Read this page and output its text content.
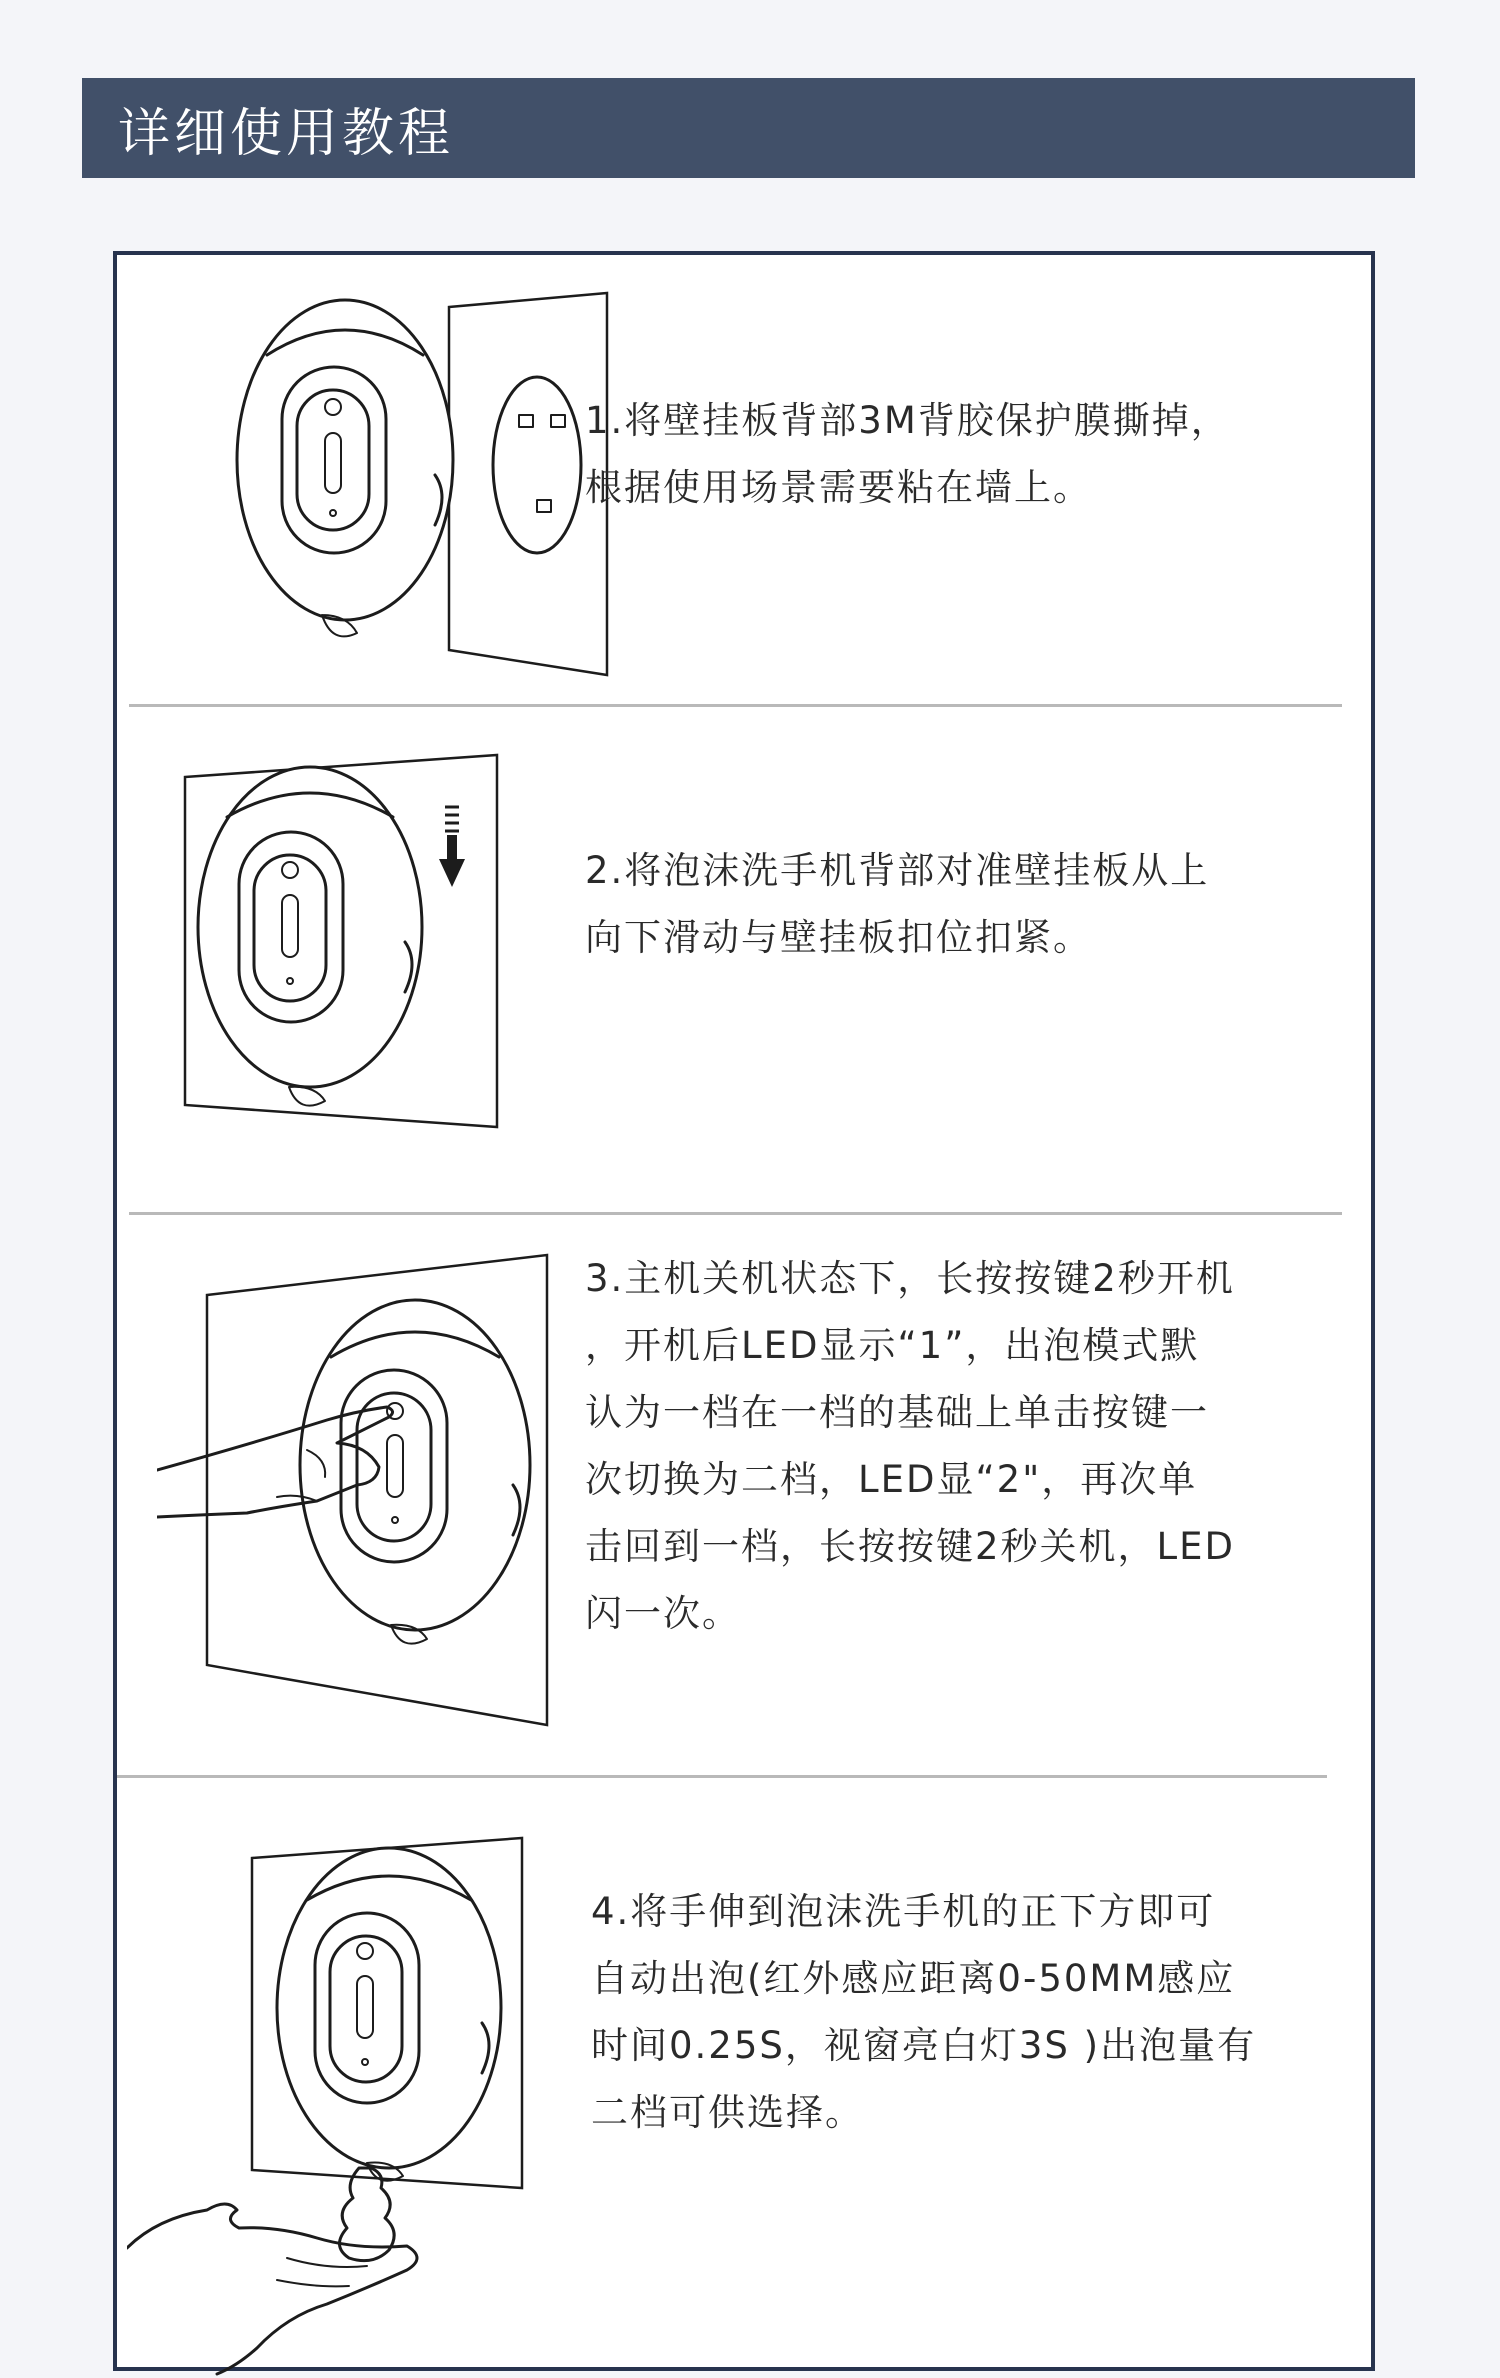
详细使用教程

1.将壁挂板背部3M背胶保护膜撕掉，
根据使用场景需要粘在墙上。

2.将泡沫洗手机背部对准壁挂板从上
向下滑动与壁挂板扣位扣紧。

3.主机关机状态下，长按按键2秒开机
，开机后LED显示“1”，出泡模式默
认为一档在一档的基础上单击按键一
次切换为二档，LED显“2"，再次单
击回到一档，长按按键2秒关机，LED
闪一次。

4.将手伸到泡沫洗手机的正下方即可
自动出泡(红外感应距离0-50MM感应
时间0.25S，视窗亮白灯3S )出泡量有
二档可供选择。
